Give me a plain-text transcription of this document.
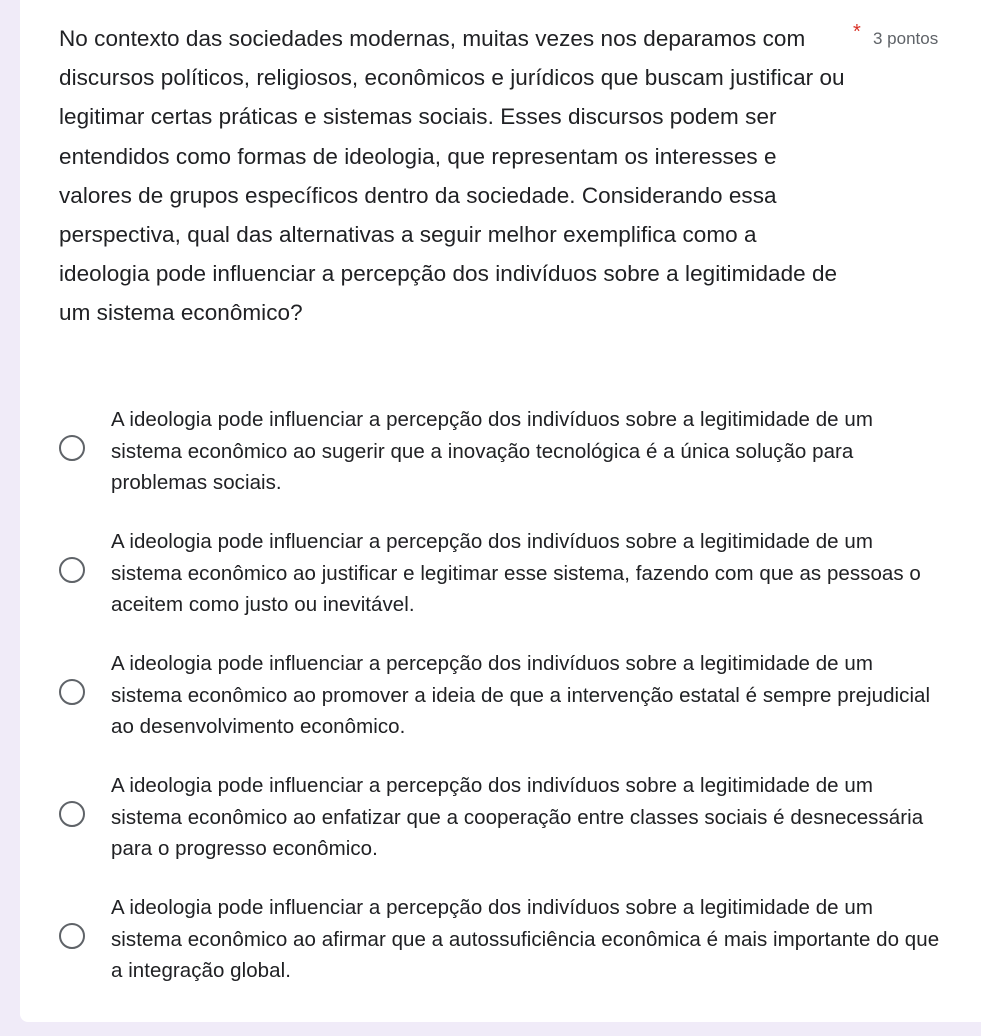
No contexto das sociedades modernas, muitas vezes nos deparamos com discursos políticos, religiosos, econômicos e jurídicos que buscam justificar ou legitimar certas práticas e sistemas sociais. Esses discursos podem ser entendidos como formas de ideologia, que representam os interesses e valores de grupos específicos dentro da sociedade. Considerando essa perspectiva, qual das alternativas a seguir melhor exemplifica como a ideologia pode influenciar a percepção dos indivíduos sobre a legitimidade de um sistema econômico?

* 3 pontos
A ideologia pode influenciar a percepção dos indivíduos sobre a legitimidade de um sistema econômico ao sugerir que a inovação tecnológica é a única solução para problemas sociais.
A ideologia pode influenciar a percepção dos indivíduos sobre a legitimidade de um sistema econômico ao justificar e legitimar esse sistema, fazendo com que as pessoas o aceitem como justo ou inevitável.
A ideologia pode influenciar a percepção dos indivíduos sobre a legitimidade de um sistema econômico ao promover a ideia de que a intervenção estatal é sempre prejudicial ao desenvolvimento econômico.
A ideologia pode influenciar a percepção dos indivíduos sobre a legitimidade de um sistema econômico ao enfatizar que a cooperação entre classes sociais é desnecessária para o progresso econômico.
A ideologia pode influenciar a percepção dos indivíduos sobre a legitimidade de um sistema econômico ao afirmar que a autossuficiência econômica é mais importante do que a integração global.
